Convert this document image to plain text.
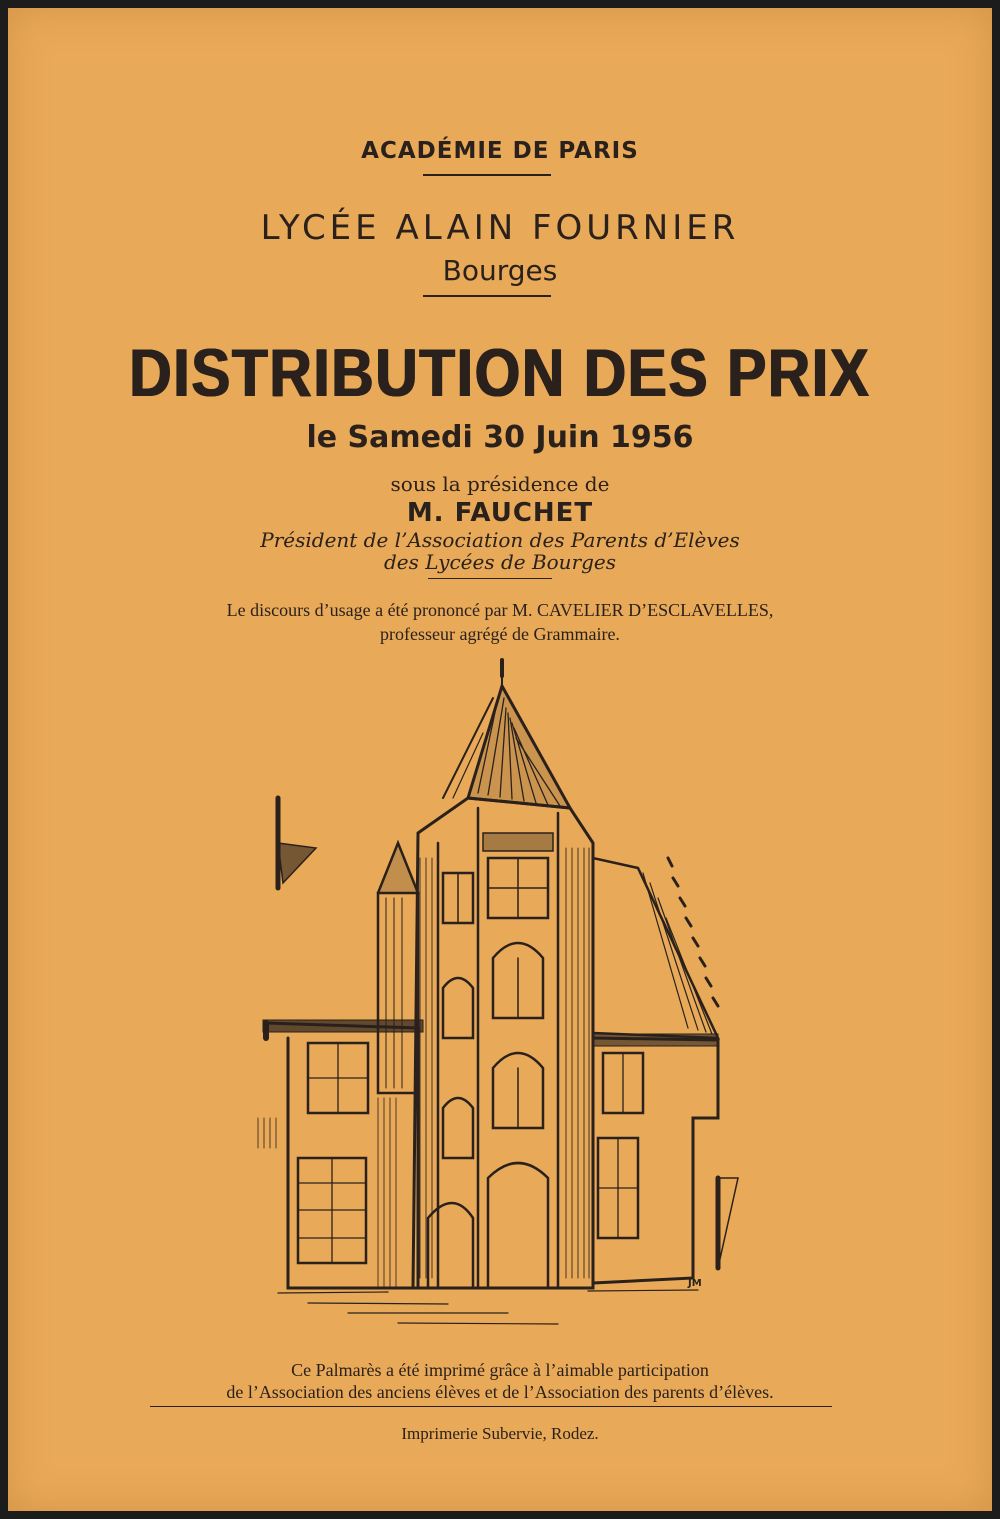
ACADÉMIE DE PARIS
LYCÉE ALAIN FOURNIER
Bourges
DISTRIBUTION DES PRIX
le Samedi 30 Juin 1956
sous la présidence de
M. FAUCHET
Président de l’Association des Parents d’Elèves
des Lycées de Bourges
Le discours d’usage a été prononcé par M. CAVELIER D’ESCLAVELLES,
professeur agrégé de Grammaire.
JM
Ce Palmarès a été imprimé grâce à l’aimable participation
de l’Association des anciens élèves et de l’Association des parents d’élèves.
Imprimerie Subervie, Rodez.
